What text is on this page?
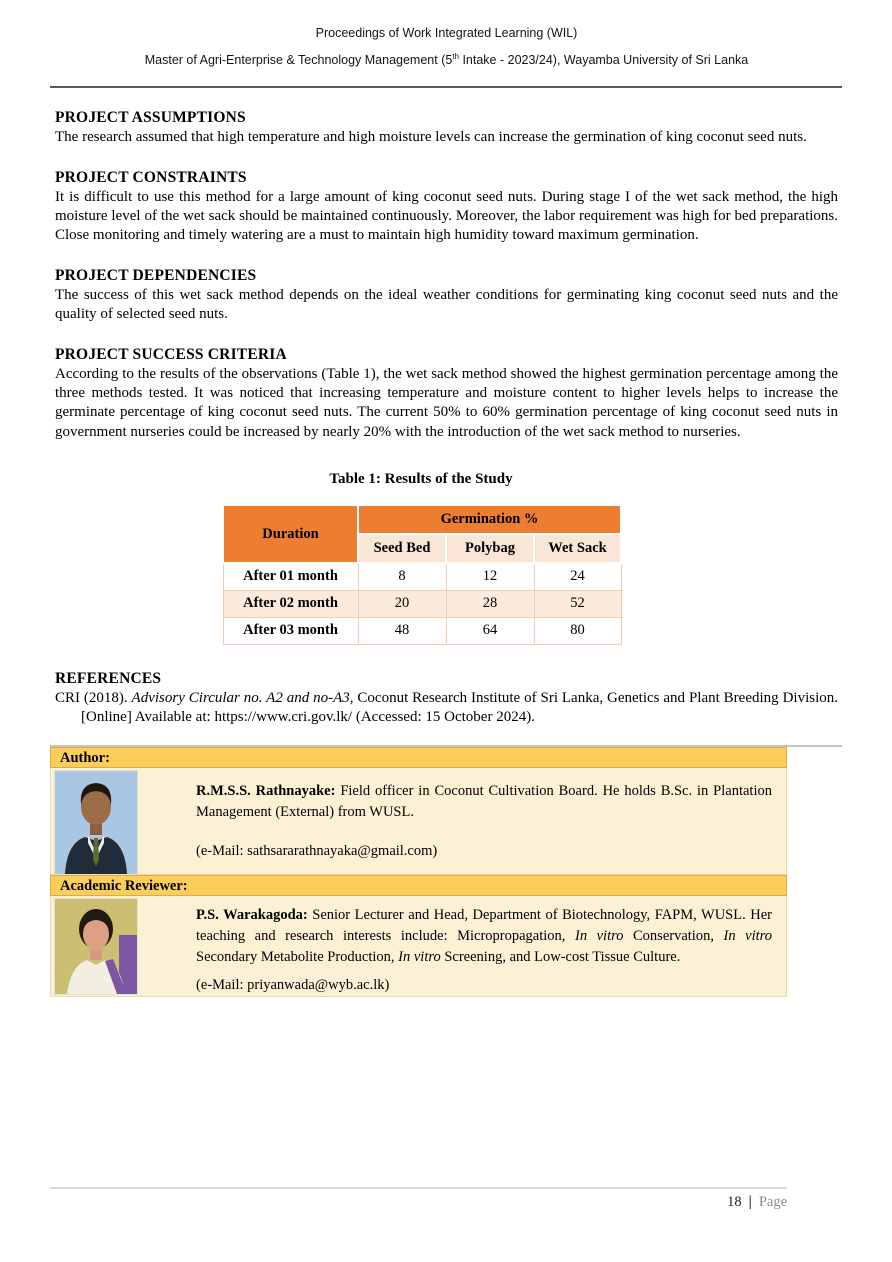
Proceedings of Work Integrated Learning (WIL)
Master of Agri-Enterprise & Technology Management (5th Intake - 2023/24), Wayamba University of Sri Lanka
PROJECT ASSUMPTIONS

The research assumed that high temperature and high moisture levels can increase the germination of king coconut seed nuts.

PROJECT CONSTRAINTS

It is difficult to use this method for a large amount of king coconut seed nuts. During stage I of the wet sack method, the high moisture level of the wet sack should be maintained continuously. Moreover, the labor requirement was high for bed preparations. Close monitoring and timely watering are a must to maintain high humidity toward maximum germination.

PROJECT DEPENDENCIES

The success of this wet sack method depends on the ideal weather conditions for germinating king coconut seed nuts and the quality of selected seed nuts.

PROJECT SUCCESS CRITERIA

According to the results of the observations (Table 1), the wet sack method showed the highest germination percentage among the three methods tested. It was noticed that increasing temperature and moisture content to higher levels helps to increase the germinate percentage of king coconut seed nuts. The current 50% to 60% germination percentage of king coconut seed nuts in government nurseries could be increased by nearly 20% with the introduction of the wet sack method to nurseries.

Table 1: Results of the Study

Duration	Germination %		
	Seed Bed	Polybag	Wet Sack
After 01 month	8	12	24
After 02 month	20	28	52
After 03 month	48	64	80
REFERENCES

CRI (2018). Advisory Circular no. A2 and no-A3, Coconut Research Institute of Sri Lanka, Genetics and Plant Breeding Division. [Online] Available at: https://www.cri.gov.lk/ (Accessed: 15 October 2024).

Author:

R.M.S.S. Rathnayake: Field officer in Coconut Cultivation Board. He holds B.Sc. in Plantation Management (External) from WUSL.

(e-Mail: sathsararathnayaka@gmail.com)

Academic Reviewer:

P.S. Warakagoda: Senior Lecturer and Head, Department of Biotechnology, FAPM, WUSL. Her teaching and research interests include: Micropropagation, In vitro Conservation, In vitro Secondary Metabolite Production, In vitro Screening, and Low-cost Tissue Culture.

(e-Mail: priyanwada@wyb.ac.lk)

18 | Page
